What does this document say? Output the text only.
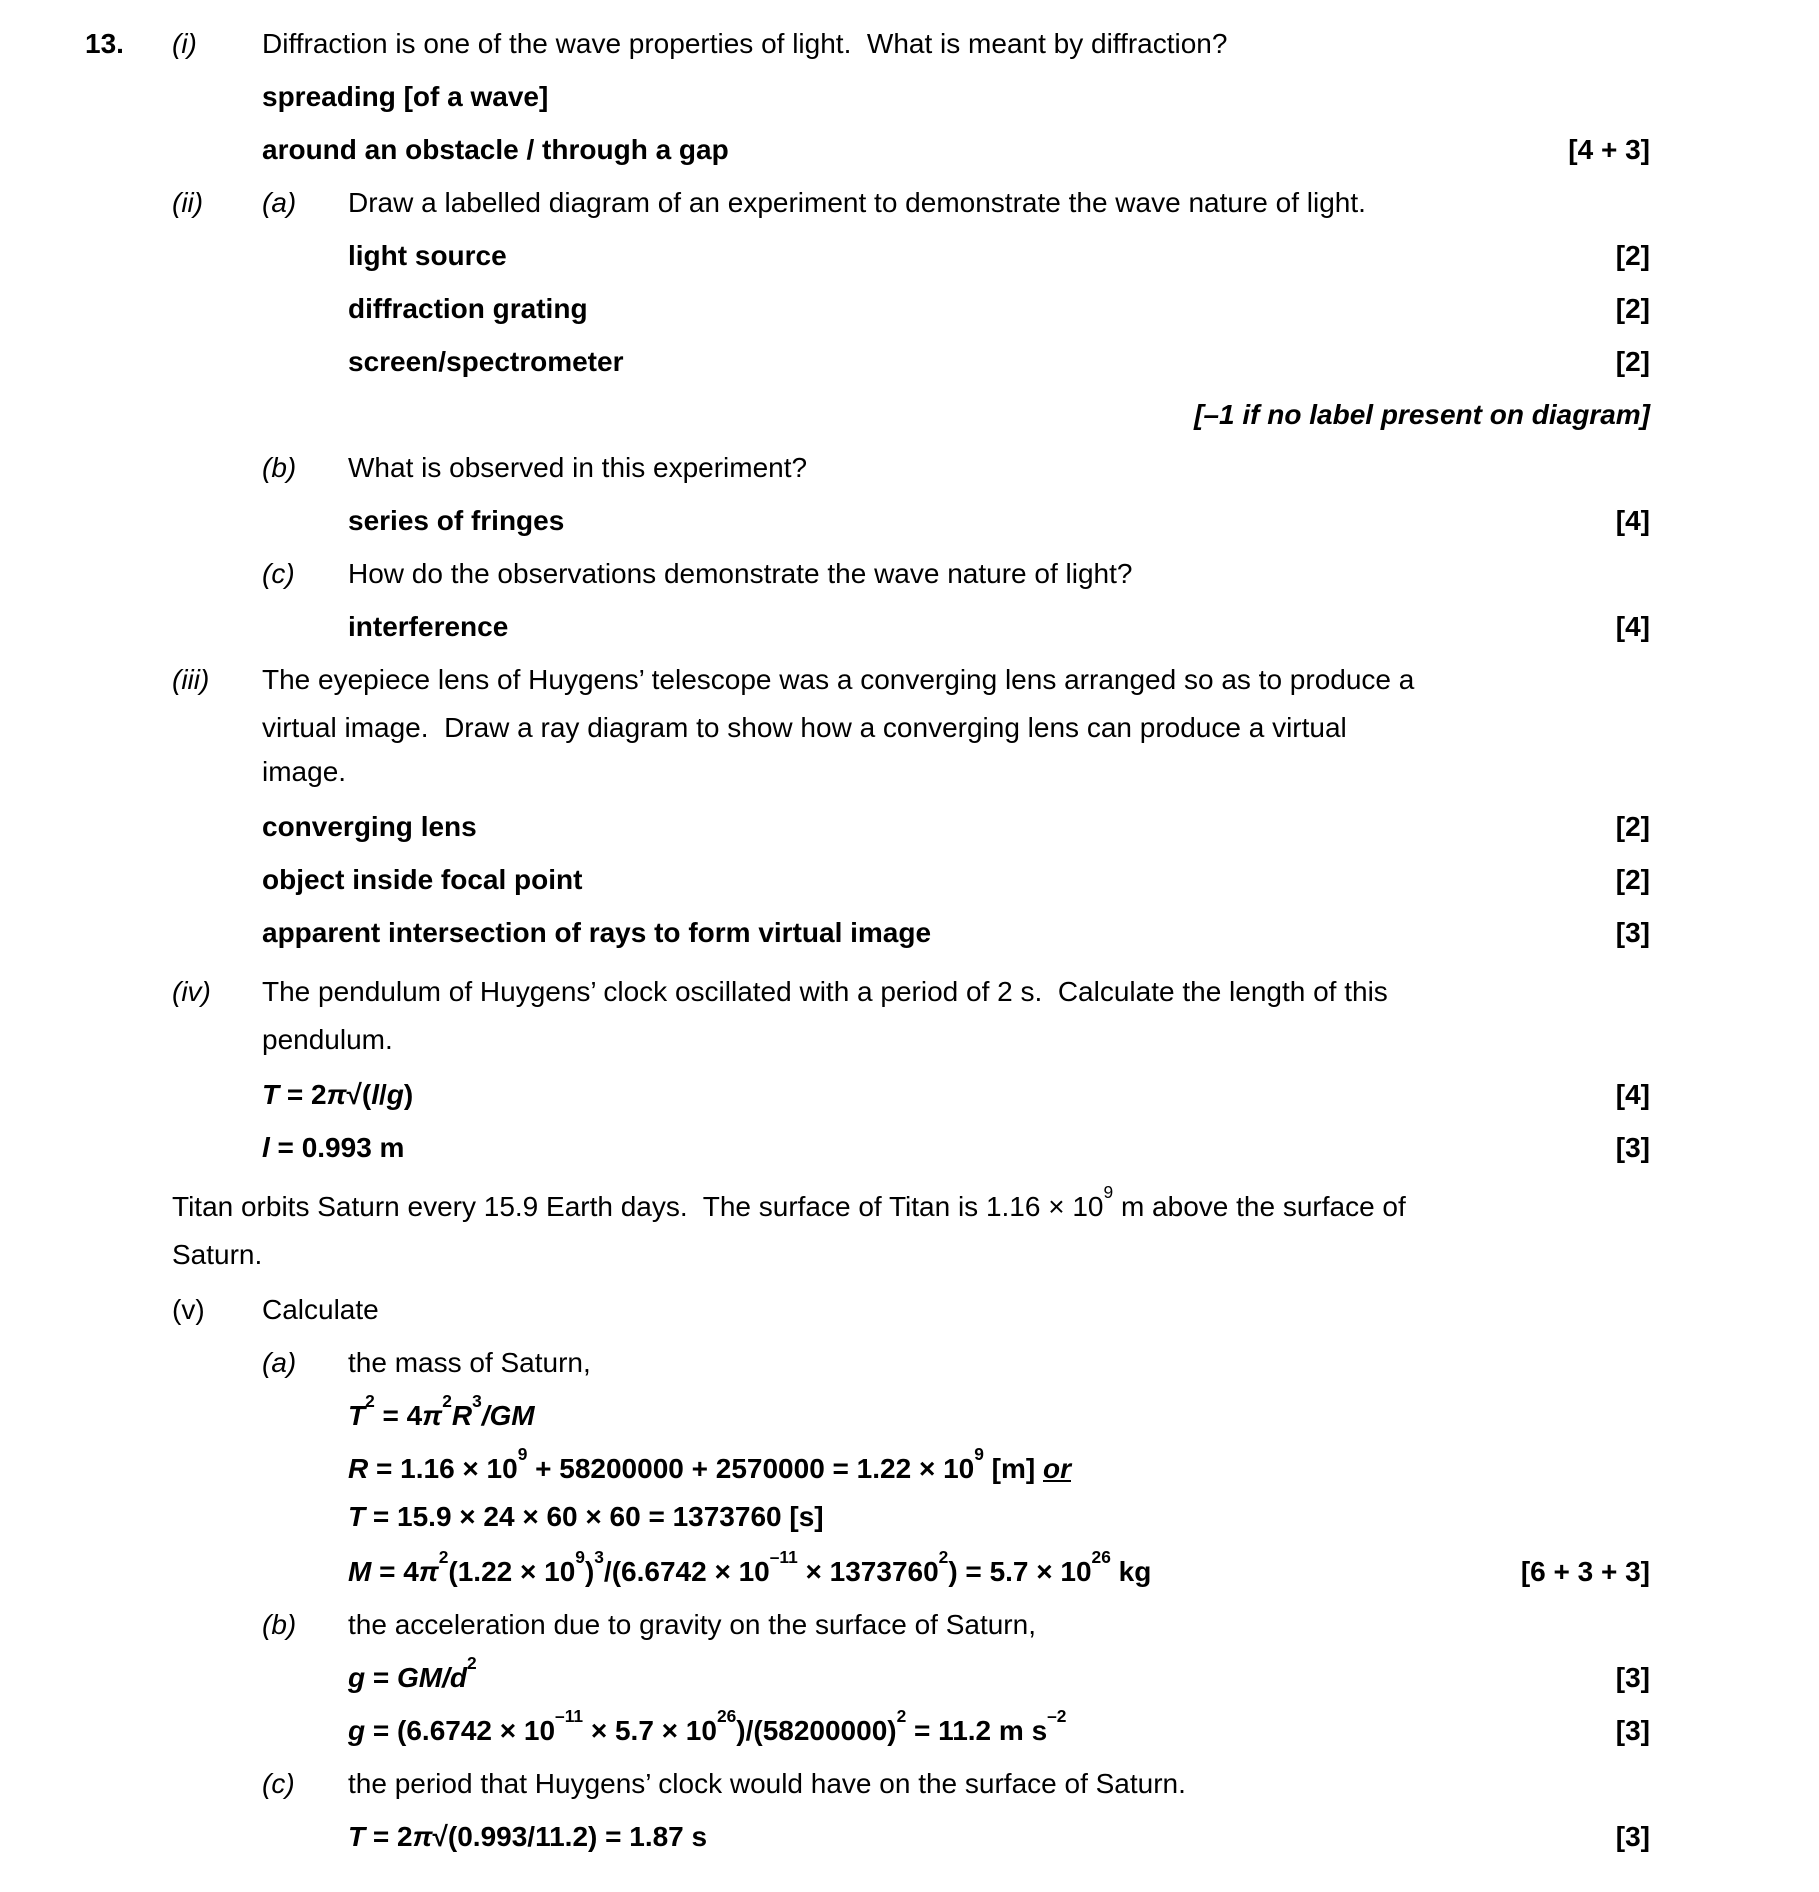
13.	(i)	Diffraction is one of the wave properties of light.  What is meant by diffraction?
spreading [of a wave]
around an obstacle / through a gap	[4 + 3]
(ii)	(a)	Draw a labelled diagram of an experiment to demonstrate the wave nature of light.
light source	[2]
diffraction grating	[2]
screen/spectrometer	[2]
[–1 if no label present on diagram]
(b)	What is observed in this experiment?
series of fringes	[4]
(c)	How do the observations demonstrate the wave nature of light?
interference	[4]
(iii)	The eyepiece lens of Huygens’ telescope was a converging lens arranged so as to produce a
virtual image.  Draw a ray diagram to show how a converging lens can produce a virtual
image.
converging lens	[2]
object inside focal point	[2]
apparent intersection of rays to form virtual image	[3]
(iv)	The pendulum of Huygens’ clock oscillated with a period of 2 s.  Calculate the length of this
pendulum.
T = 2π√(l/g)	[4]
l = 0.993 m	[3]
Titan orbits Saturn every 15.9 Earth days.  The surface of Titan is $1.16 \times 10^9$ m above the surface of
Saturn.
(v)	Calculate
(a)	the mass of Saturn,
$T^2 = 4\pi^2R^3/GM$
$R = 1.16 \times 10^9 + 58200000 + 2570000 = 1.22 \times 10^9$ [m] or
T = 15.9 × 24 × 60 × 60 = 1373760 [s]
$M = 4\pi^2(1.22 \times 10^9)^3/(6.6742 \times 10^{-11} \times 1373760^2) = 5.7 \times 10^{26}$ kg	[6 + 3 + 3]
(b)	the acceleration due to gravity on the surface of Saturn,
$g = GM/d^2$	[3]
$g = (6.6742 \times 10^{-11} \times 5.7 \times 10^{26})/(58200000)^2 = 11.2$ m $s^{-2}$	[3]
(c)	the period that Huygens’ clock would have on the surface of Saturn.
T = 2π√(0.993/11.2) = 1.87 s	[3]
